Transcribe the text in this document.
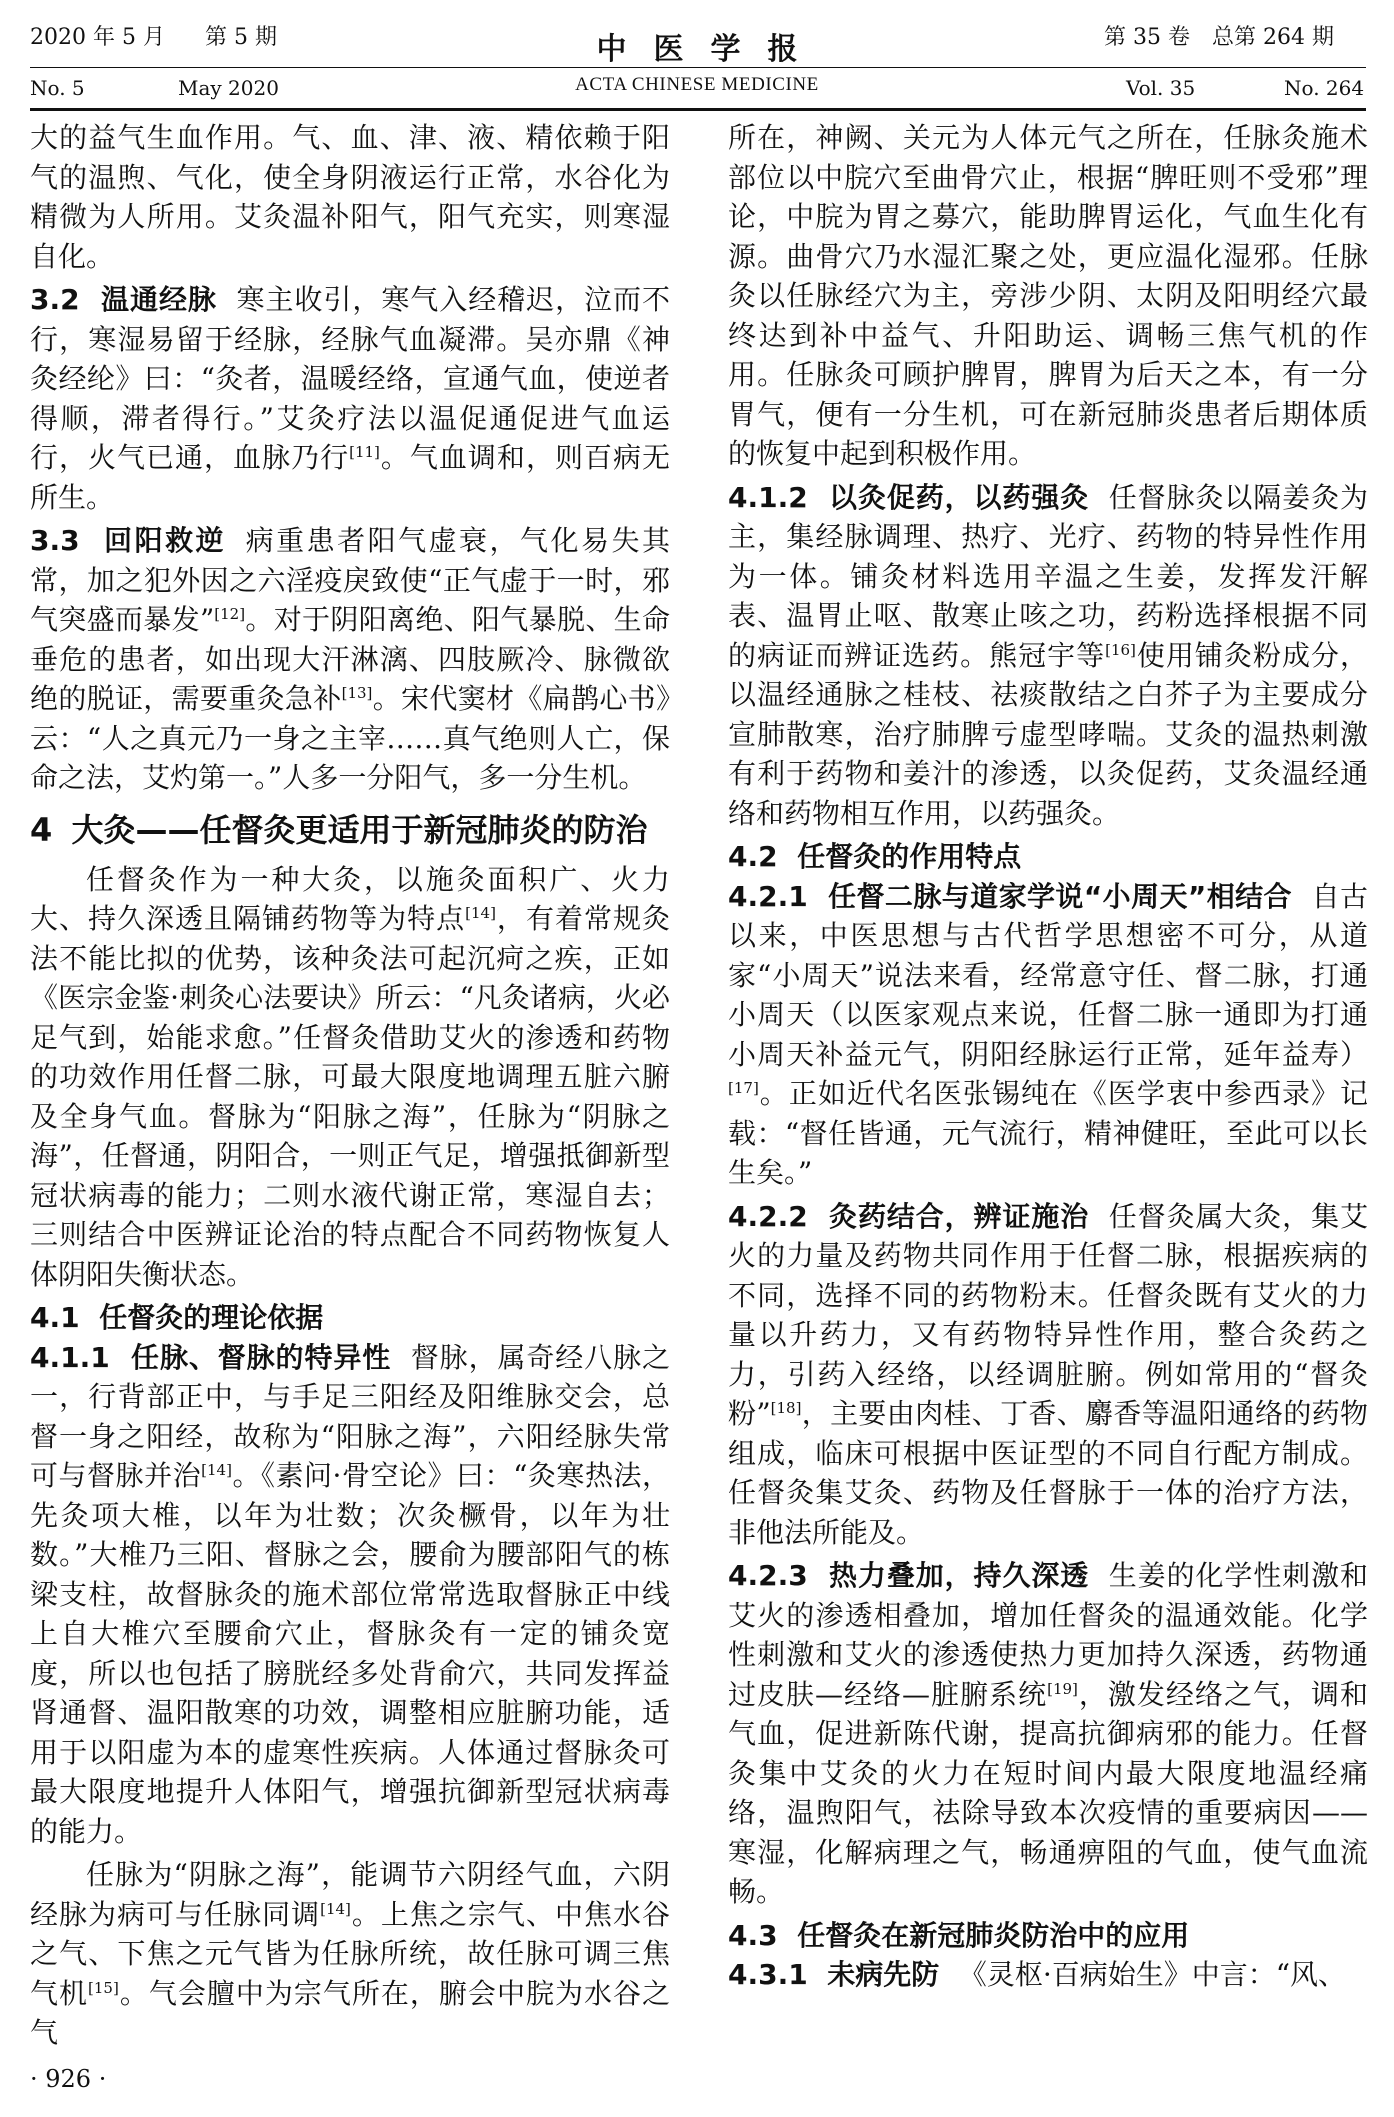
2020 年 5 月 第 5 期	中医学报	第 35 卷 总第 264 期
No. 5	May 2020	ACTA CHINESE MEDICINE	Vol. 35	No. 264

大的益气生血作用。气、血、津、液、精依赖于阳气的温煦、气化，使全身阴液运行正常，水谷化为精微为人所用。艾灸温补阳气，阳气充实，则寒湿自化。

3.2 温通经脉 寒主收引，寒气入经稽迟，泣而不行，寒湿易留于经脉，经脉气血凝滞。吴亦鼎《神灸经纶》曰：“灸者，温暖经络，宣通气血，使逆者得顺，滞者得行。”艾灸疗法以温促通促进气血运行，火气已通，血脉乃行[11]。气血调和，则百病无所生。

3.3 回阳救逆 病重患者阳气虚衰，气化易失其常，加之犯外因之六淫疫戾致使“正气虚于一时，邪气突盛而暴发”[12]。对于阴阳离绝、阳气暴脱、生命垂危的患者，如出现大汗淋漓、四肢厥冷、脉微欲绝的脱证，需要重灸急补[13]。宋代窦材《扁鹊心书》云：“人之真元乃一身之主宰……真气绝则人亡，保命之法，艾灼第一。”人多一分阳气，多一分生机。

4 大灸——任督灸更适用于新冠肺炎的防治

任督灸作为一种大灸，以施灸面积广、火力大、持久深透且隔铺药物等为特点[14]，有着常规灸法不能比拟的优势，该种灸法可起沉疴之疾，正如《医宗金鉴·刺灸心法要诀》所云：“凡灸诸病，火必足气到，始能求愈。”任督灸借助艾火的渗透和药物的功效作用任督二脉，可最大限度地调理五脏六腑及全身气血。督脉为“阳脉之海”，任脉为“阴脉之海”，任督通，阴阳合，一则正气足，增强抵御新型冠状病毒的能力；二则水液代谢正常，寒湿自去；三则结合中医辨证论治的特点配合不同药物恢复人体阴阳失衡状态。

4.1 任督灸的理论依据

4.1.1 任脉、督脉的特异性 督脉，属奇经八脉之一，行背部正中，与手足三阳经及阳维脉交会，总督一身之阳经，故称为“阳脉之海”，六阳经脉失常可与督脉并治[14]。《素问·骨空论》曰：“灸寒热法，先灸项大椎，以年为壮数；次灸橛骨，以年为壮数。”大椎乃三阳、督脉之会，腰俞为腰部阳气的栋梁支柱，故督脉灸的施术部位常常选取督脉正中线上自大椎穴至腰俞穴止，督脉灸有一定的铺灸宽度，所以也包括了膀胱经多处背俞穴，共同发挥益肾通督、温阳散寒的功效，调整相应脏腑功能，适用于以阳虚为本的虚寒性疾病。人体通过督脉灸可最大限度地提升人体阳气，增强抗御新型冠状病毒的能力。

任脉为“阴脉之海”，能调节六阴经气血，六阴经脉为病可与任脉同调[14]。上焦之宗气、中焦水谷之气、下焦之元气皆为任脉所统，故任脉可调三焦气机[15]。气会膻中为宗气所在，腑会中脘为水谷之气

所在，神阙、关元为人体元气之所在，任脉灸施术部位以中脘穴至曲骨穴止，根据“脾旺则不受邪”理论，中脘为胃之募穴，能助脾胃运化，气血生化有源。曲骨穴乃水湿汇聚之处，更应温化湿邪。任脉灸以任脉经穴为主，旁涉少阴、太阴及阳明经穴最终达到补中益气、升阳助运、调畅三焦气机的作用。任脉灸可顾护脾胃，脾胃为后天之本，有一分胃气，便有一分生机，可在新冠肺炎患者后期体质的恢复中起到积极作用。

4.1.2 以灸促药，以药强灸 任督脉灸以隔姜灸为主，集经脉调理、热疗、光疗、药物的特异性作用为一体。铺灸材料选用辛温之生姜，发挥发汗解表、温胃止呕、散寒止咳之功，药粉选择根据不同的病证而辨证选药。熊冠宇等[16]使用铺灸粉成分，以温经通脉之桂枝、祛痰散结之白芥子为主要成分宣肺散寒，治疗肺脾亏虚型哮喘。艾灸的温热刺激有利于药物和姜汁的渗透，以灸促药，艾灸温经通络和药物相互作用，以药强灸。

4.2 任督灸的作用特点

4.2.1 任督二脉与道家学说“小周天”相结合 自古以来，中医思想与古代哲学思想密不可分，从道家“小周天”说法来看，经常意守任、督二脉，打通小周天（以医家观点来说，任督二脉一通即为打通小周天补益元气，阴阳经脉运行正常，延年益寿）[17]。正如近代名医张锡纯在《医学衷中参西录》记载：“督任皆通，元气流行，精神健旺，至此可以长生矣。”

4.2.2 灸药结合，辨证施治 任督灸属大灸，集艾火的力量及药物共同作用于任督二脉，根据疾病的不同，选择不同的药物粉末。任督灸既有艾火的力量以升药力，又有药物特异性作用，整合灸药之力，引药入经络，以经调脏腑。例如常用的“督灸粉”[18]，主要由肉桂、丁香、麝香等温阳通络的药物组成，临床可根据中医证型的不同自行配方制成。任督灸集艾灸、药物及任督脉于一体的治疗方法，非他法所能及。

4.2.3 热力叠加，持久深透 生姜的化学性刺激和艾火的渗透相叠加，增加任督灸的温通效能。化学性刺激和艾火的渗透使热力更加持久深透，药物通过皮肤—经络—脏腑系统[19]，激发经络之气，调和气血，促进新陈代谢，提高抗御病邪的能力。任督灸集中艾灸的火力在短时间内最大限度地温经痛络，温煦阳气，祛除导致本次疫情的重要病因——寒湿，化解病理之气，畅通痹阻的气血，使气血流畅。

4.3 任督灸在新冠肺炎防治中的应用

4.3.1 未病先防 《灵枢·百病始生》中言：“风、

· 926 ·
